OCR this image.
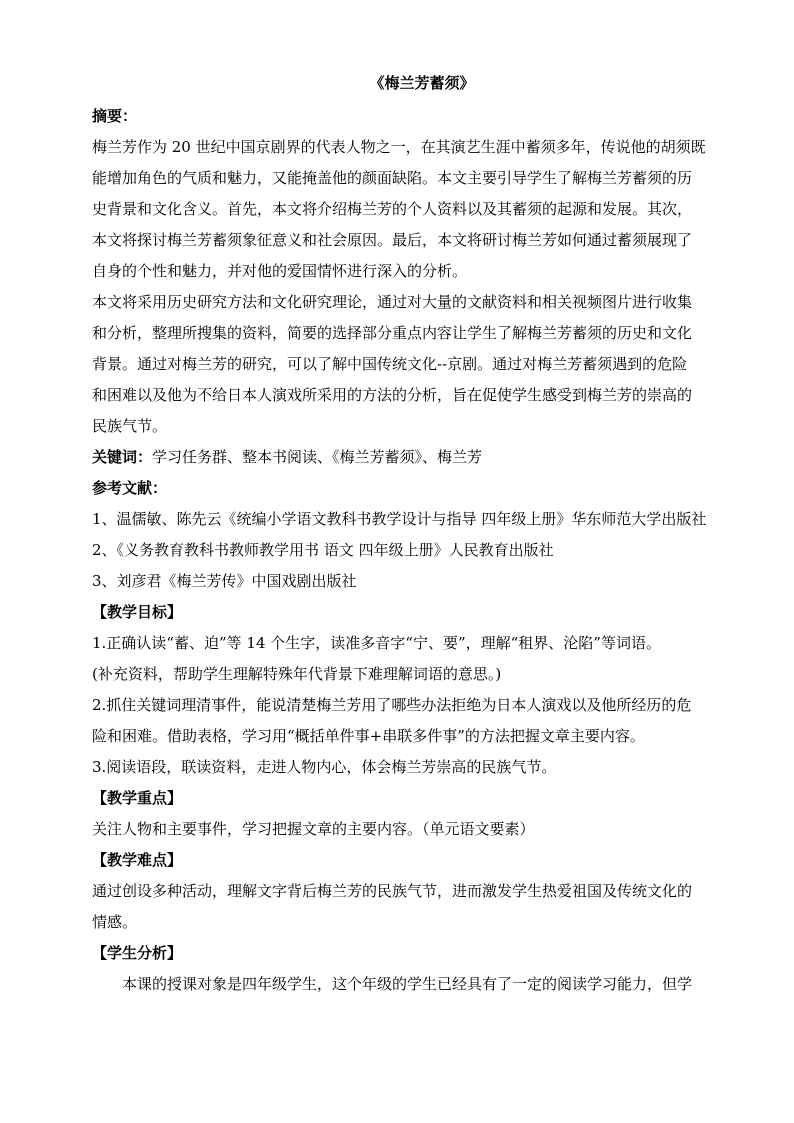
《梅兰芳蓄须》
摘要：
梅兰芳作为 20 世纪中国京剧界的代表人物之一，在其演艺生涯中蓄须多年，传说他的胡须既
能增加角色的气质和魅力，又能掩盖他的颜面缺陷。本文主要引导学生了解梅兰芳蓄须的历
史背景和文化含义。首先，本文将介绍梅兰芳的个人资料以及其蓄须的起源和发展。其次，
本文将探讨梅兰芳蓄须象征意义和社会原因。最后，本文将研讨梅兰芳如何通过蓄须展现了
自身的个性和魅力，并对他的爱国情怀进行深入的分析。
本文将采用历史研究方法和文化研究理论，通过对大量的文献资料和相关视频图片进行收集
和分析，整理所搜集的资料，简要的选择部分重点内容让学生了解梅兰芳蓄须的历史和文化
背景。通过对梅兰芳的研究，可以了解中国传统文化--京剧。通过对梅兰芳蓄须遇到的危险
和困难以及他为不给日本人演戏所采用的方法的分析，旨在促使学生感受到梅兰芳的崇高的
民族气节。
关键词：学习任务群、整本书阅读、《梅兰芳蓄须》、梅兰芳
参考文献：
1、温儒敏、陈先云《统编小学语文教科书教学设计与指导 四年级上册》华东师范大学出版社
2、《义务教育教科书教师教学用书 语文 四年级上册》人民教育出版社
3、刘彦君《梅兰芳传》中国戏剧出版社
【教学目标】
1.正确认读“蓄、迫”等 14 个生字，读准多音字“宁、要”，理解“租界、沦陷”等词语。
(补充资料，帮助学生理解特殊年代背景下难理解词语的意思。)
2.抓住关键词理清事件，能说清楚梅兰芳用了哪些办法拒绝为日本人演戏以及他所经历的危
险和困难。借助表格，学习用“概括单件事+串联多件事”的方法把握文章主要内容。
3.阅读语段，联读资料，走进人物内心，体会梅兰芳崇高的民族气节。
【教学重点】
关注人物和主要事件，学习把握文章的主要内容。（单元语文要素）
【教学难点】
通过创设多种活动，理解文字背后梅兰芳的民族气节，进而激发学生热爱祖国及传统文化的
情感。
【学生分析】
本课的授课对象是四年级学生，这个年级的学生已经具有了一定的阅读学习能力，但学
